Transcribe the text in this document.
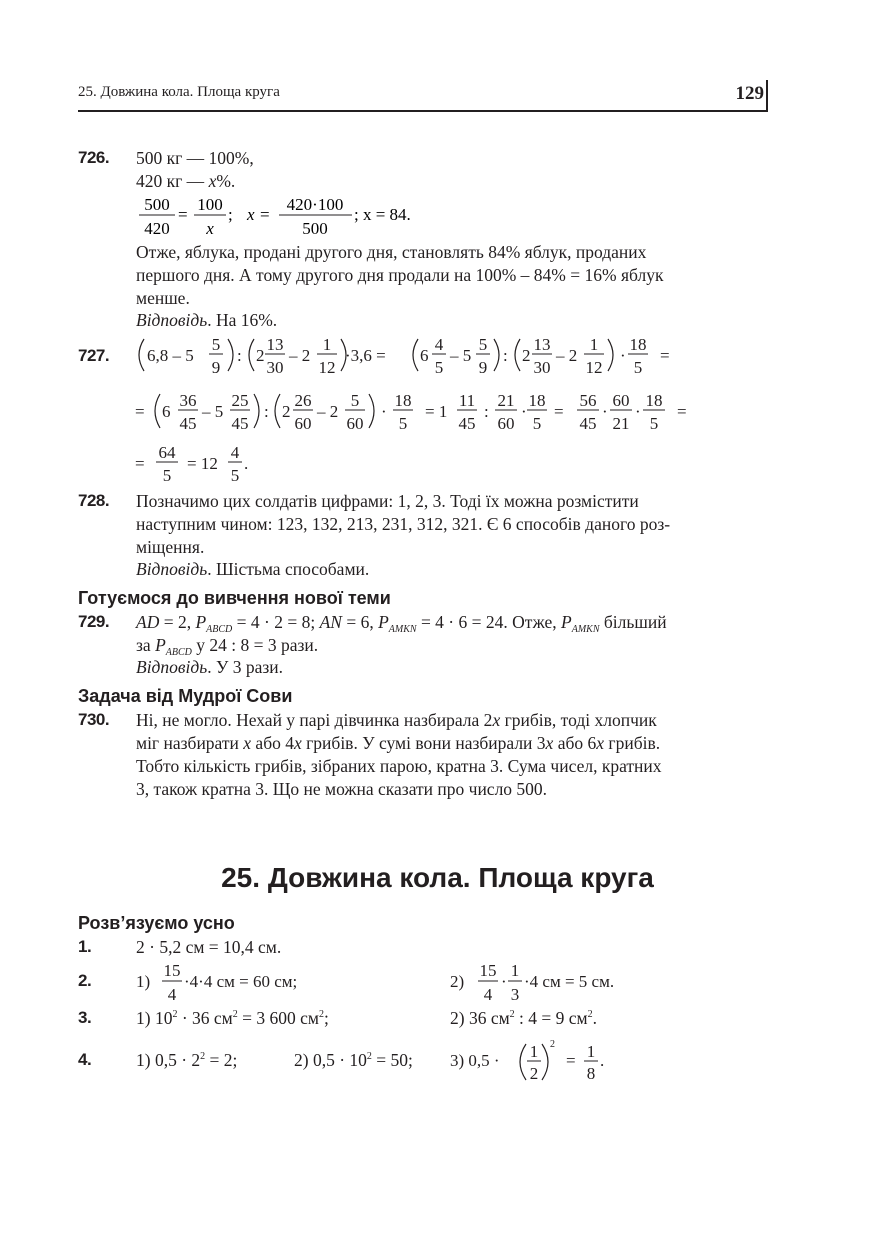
25. Довжина кола. Площа круга	129
726. 500 кг — 100%,
420 кг — x%.
500
420
=
100
x
; x =
420·100
500
; x = 84.
Отже, яблука, продані другого дня, становлять 84% яблук, проданих
першого дня. А тому другого дня продали на 100% – 84% = 16% яблук
менше.
Відповідь. На 16%.
727. 6,8 – 5
5
9
: 2
13
30
– 2
1
12
·3,6 = 6
4
5
– 5
5
9
: 2
13
30
– 2
1
12
·
18
5
=
= 6
36
45
– 5
25
45
: 2
26
60
– 2
5
60
·
18
5
= 1
11
45
:
21
60
·
18
5
=
56
45
·
60
21
·
18
5
=
=
64
5
= 12
4
5
.
728. Позначимо цих солдатів цифрами: 1, 2, 3. Тоді їх можна розмістити
наступним чином: 123, 132, 213, 231, 312, 321. Є 6 способів даного роз-
міщення.
Відповідь. Шістьма способами.
Готуємося до вивчення нової теми
729. AD = 2, $P_{ABCD} = 4 \cdot 2 = 8$; AN = 6, $P_{AMKN} = 4 \cdot 6 = 24$. Отже, $P_{AMKN}$ більший
за $P_{ABCD}$ у 24 : 8 = 3 рази.
Відповідь. У 3 рази.
Задача від Мудрої Сови
730. Ні, не могло. Нехай у парі дівчинка назбирала 2x грибів, тоді хлопчик
міг назбирати x або 4x грибів. У сумі вони назбирали 3x або 6x грибів.
Тобто кількість грибів, зібраних парою, кратна 3. Сума чисел, кратних
3, також кратна 3. Що не можна сказати про число 500.
25. Довжина кола. Площа круга
Розв’язуємо усно
1.	2 · 5,2 см = 10,4 см.
2.	1)
15
4
·4·4 см = 60 см;	2)
15
4
·
1
3
·4 см = 5 см.
3.	1) $10^2 \cdot 36$ $см^2 = 3$ 600 $см^2$;	2) 36 $см^2$ : 4 = 9 $см^2$.
4.	1) $0,5 \cdot 2^2 = 2$;	2) $0,5 \cdot 10^2 = 50$; 3) 0,5 · 1
2
2
= 1
8
.
